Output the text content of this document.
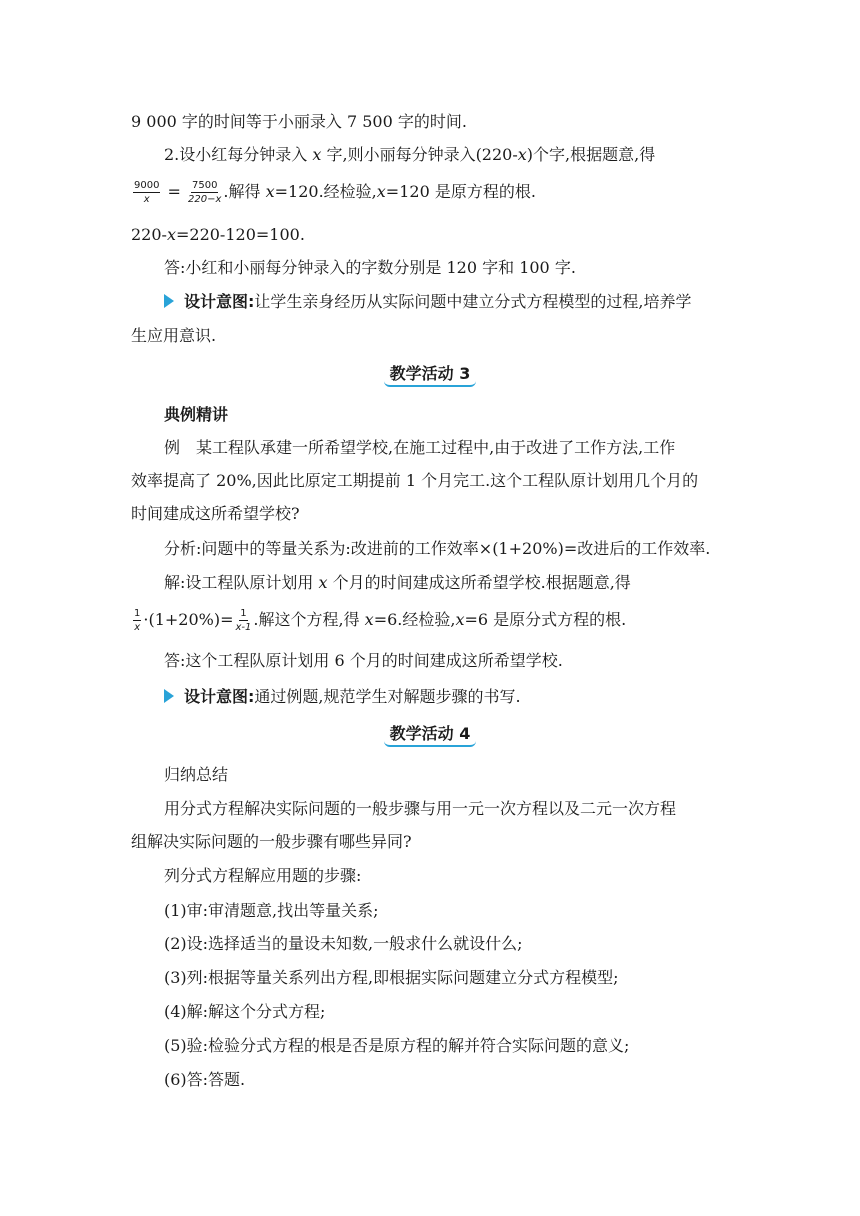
9 000 字的时间等于小丽录入 7 500 字的时间.
2.设小红每分钟录入 x 字,则小丽每分钟录入(220-x)个字,根据题意,得
$\frac{9000}{x} = \frac{7500}{220-x}$ .解得 x=120.经检验,x=120 是原方程的根.
220-x=220-120=100.
答:小红和小丽每分钟录入的字数分别是 120 字和 100 字.
设计意图:让学生亲身经历从实际问题中建立分式方程模型的过程,培养学
生应用意识.
教学活动 3
典例精讲
例　某工程队承建一所希望学校,在施工过程中,由于改进了工作方法,工作
效率提高了 20%,因此比原定工期提前 1 个月完工.这个工程队原计划用几个月的
时间建成这所希望学校?
分析:问题中的等量关系为:改进前的工作效率×(1+20%)=改进后的工作效率.
解:设工程队原计划用 x 个月的时间建成这所希望学校.根据题意,得
$\frac{1}{x} \cdot(1+20\%)= \frac{1}{x-1}$ .解这个方程,得 x=6.经检验,x=6 是原分式方程的根.
答:这个工程队原计划用 6 个月的时间建成这所希望学校.
设计意图:通过例题,规范学生对解题步骤的书写.
教学活动 4
归纳总结
用分式方程解决实际问题的一般步骤与用一元一次方程以及二元一次方程
组解决实际问题的一般步骤有哪些异同?
列分式方程解应用题的步骤:
(1)审:审清题意,找出等量关系;
(2)设:选择适当的量设未知数,一般求什么就设什么;
(3)列:根据等量关系列出方程,即根据实际问题建立分式方程模型;
(4)解:解这个分式方程;
(5)验:检验分式方程的根是否是原方程的解并符合实际问题的意义;
(6)答:答题.
